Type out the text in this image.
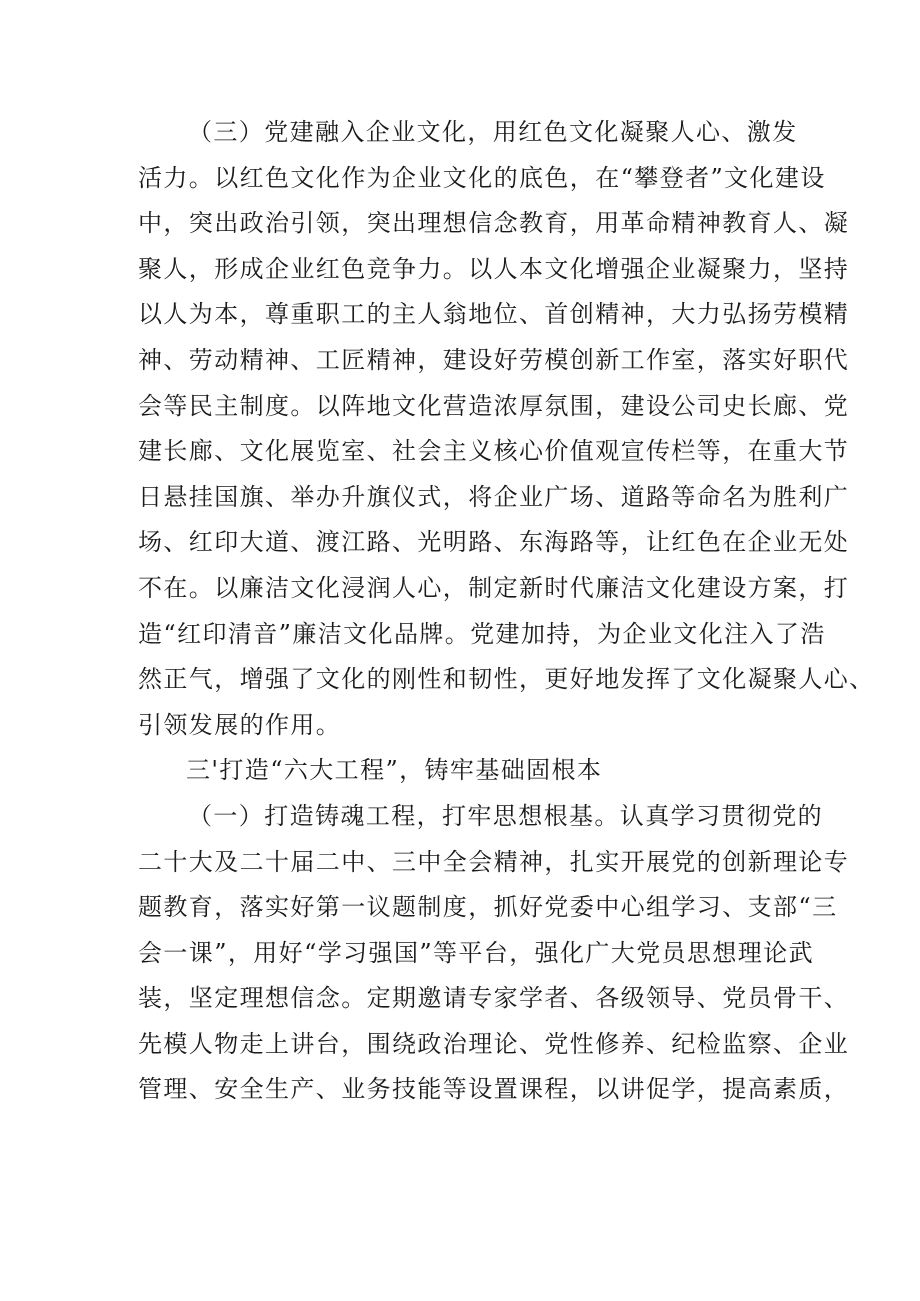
（三）党建融入企业文化，用红色文化凝聚人心、激发
活力。以红色文化作为企业文化的底色，在“攀登者”文化建设
中，突出政治引领，突出理想信念教育，用革命精神教育人、凝
聚人，形成企业红色竞争力。以人本文化增强企业凝聚力，坚持
以人为本，尊重职工的主人翁地位、首创精神，大力弘扬劳模精
神、劳动精神、工匠精神，建设好劳模创新工作室，落实好职代
会等民主制度。以阵地文化营造浓厚氛围，建设公司史长廊、党
建长廊、文化展览室、社会主义核心价值观宣传栏等，在重大节
日悬挂国旗、举办升旗仪式，将企业广场、道路等命名为胜利广
场、红印大道、渡江路、光明路、东海路等，让红色在企业无处
不在。以廉洁文化浸润人心，制定新时代廉洁文化建设方案，打
造“红印清音”廉洁文化品牌。党建加持，为企业文化注入了浩
然正气，增强了文化的刚性和韧性，更好地发挥了文化凝聚人心、
引领发展的作用。
三'打造“六大工程”，铸牢基础固根本
（一）打造铸魂工程，打牢思想根基。认真学习贯彻党的
二十大及二十届二中、三中全会精神，扎实开展党的创新理论专
题教育，落实好第一议题制度，抓好党委中心组学习、支部“三
会一课”，用好“学习强国”等平台，强化广大党员思想理论武
装，坚定理想信念。定期邀请专家学者、各级领导、党员骨干、
先模人物走上讲台，围绕政治理论、党性修养、纪检监察、企业
管理、安全生产、业务技能等设置课程，以讲促学，提高素质，
